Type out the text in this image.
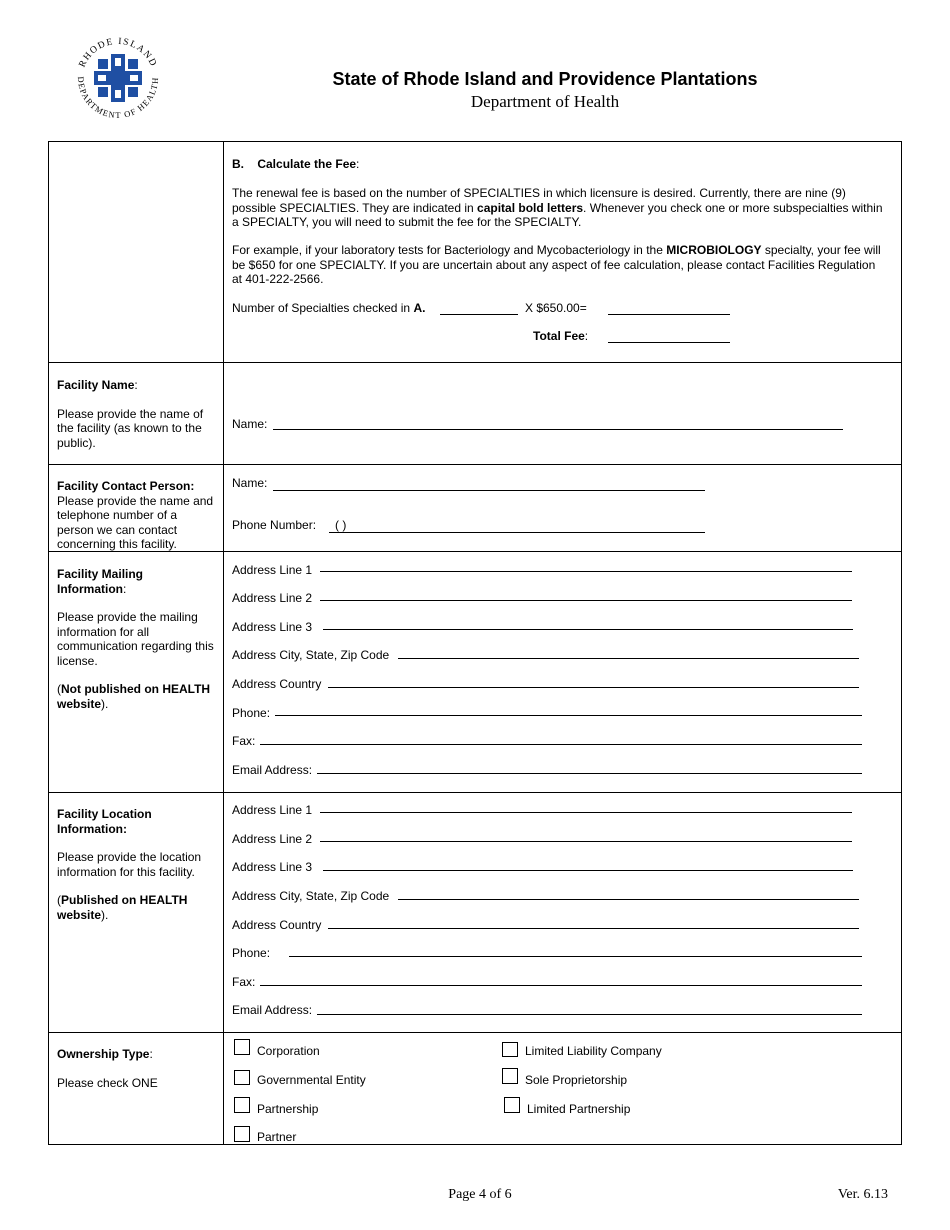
RHODE ISLAND
DEPARTMENT OF HEALTH	State of Rhode Island and Providence Plantations
Department of Health
B. Calculate the Fee:
The renewal fee is based on the number of SPECIALTIES in which licensure is desired. Currently, there are nine (9) possible SPECIALTIES. They are indicated in capital bold letters. Whenever you check one or more subspecialties within a SPECIALTY, you will need to submit the fee for the SPECIALTY.
For example, if your laboratory tests for Bacteriology and Mycobacteriology in the MICROBIOLOGY specialty, your fee will be $650 for one SPECIALTY. If you are uncertain about any aspect of fee calculation, please contact Facilities Regulation at 401-222-2566.
Number of Specialties checked in A.	X $650.00=
Total Fee:

Facility Name:

Please provide the name of the facility (as known to the public).

Name:
Facility Contact Person:
Please provide the name and telephone number of a person we can contact concerning this facility.
Name:
Phone Number: ( )

Facility Mailing Information:

Please provide the mailing information for all communication regarding this license.

(Not published on HEALTH website).

Address Line 1
Address Line 2
Address Line 3
Address City, State, Zip Code
Address Country
Phone:
Fax:
Email Address:

Facility Location Information:

Please provide the location information for this facility.

(Published on HEALTH website).

Address Line 1
Address Line 2
Address Line 3
Address City, State, Zip Code
Address Country
Phone:
Fax:
Email Address:

Ownership Type:

Please check ONE

Corporation	Limited Liability Company
Governmental Entity	Sole Proprietorship
Partnership	Limited Partnership
Partner
Page 4 of 6	Ver. 6.13
